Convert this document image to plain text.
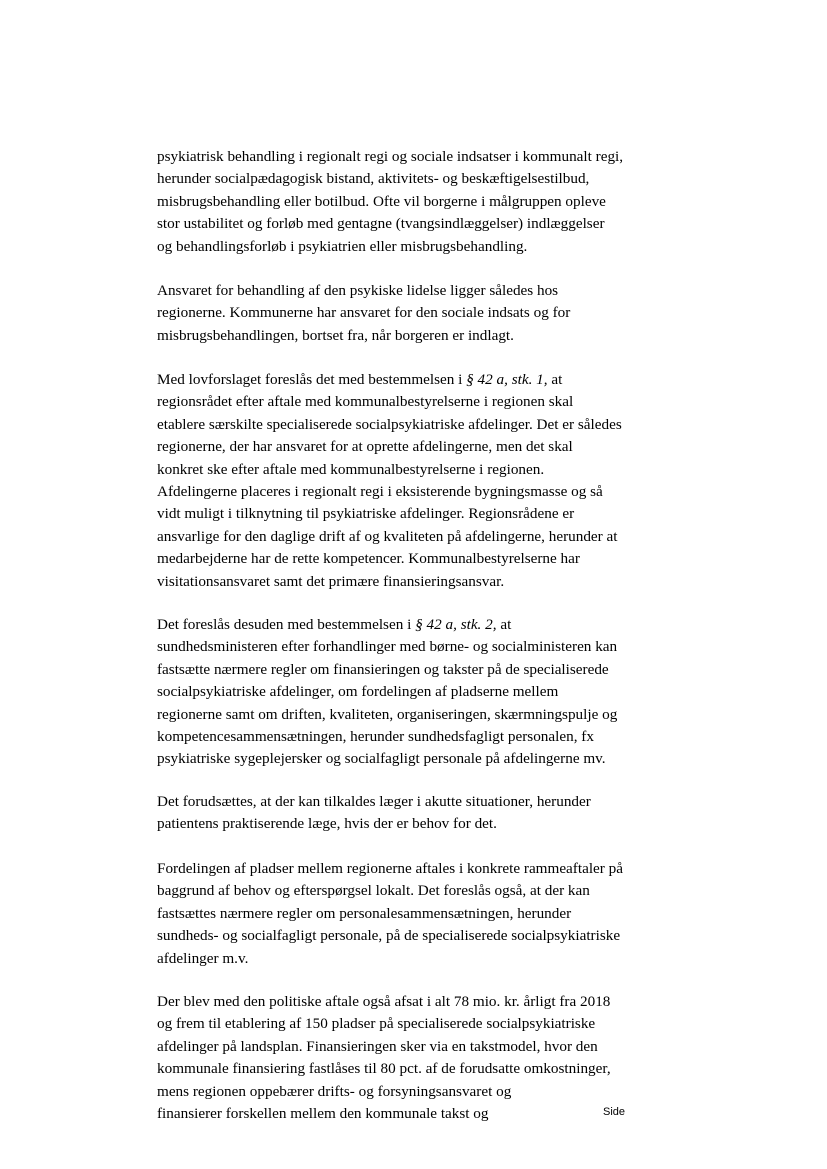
psykiatrisk behandling i regionalt regi og sociale indsatser i kommunalt regi,
herunder socialpædagogisk bistand, aktivitets- og beskæftigelsestilbud,
misbrugsbehandling eller botilbud. Ofte vil borgerne i målgruppen opleve
stor ustabilitet og forløb med gentagne (tvangsindlæggelser) indlæggelser
og behandlingsforløb i psykiatrien eller misbrugsbehandling.

Ansvaret for behandling af den psykiske lidelse ligger således hos
regionerne. Kommunerne har ansvaret for den sociale indsats og for
misbrugsbehandlingen, bortset fra, når borgeren er indlagt.

Med lovforslaget foreslås det med bestemmelsen i § 42 a, stk. 1, at
regionsrådet efter aftale med kommunalbestyrelserne i regionen skal
etablere særskilte specialiserede socialpsykiatriske afdelinger. Det er således
regionerne, der har ansvaret for at oprette afdelingerne, men det skal
konkret ske efter aftale med kommunalbestyrelserne i regionen.
Afdelingerne placeres i regionalt regi i eksisterende bygningsmasse og så
vidt muligt i tilknytning til psykiatriske afdelinger. Regionsrådene er
ansvarlige for den daglige drift af og kvaliteten på afdelingerne, herunder at
medarbejderne har de rette kompetencer. Kommunalbestyrelserne har
visitationsansvaret samt det primære finansieringsansvar.

Det foreslås desuden med bestemmelsen i § 42 a, stk. 2, at
sundhedsministeren efter forhandlinger med børne- og socialministeren kan
fastsætte nærmere regler om finansieringen og takster på de specialiserede
socialpsykiatriske afdelinger, om fordelingen af pladserne mellem
regionerne samt om driften, kvaliteten, organiseringen, skærmningspulje og
kompetencesammensætningen, herunder sundhedsfagligt personalen, fx
psykiatriske sygeplejersker og socialfagligt personale på afdelingerne mv.

Det forudsættes, at der kan tilkaldes læger i akutte situationer, herunder
patientens praktiserende læge, hvis der er behov for det.

Fordelingen af pladser mellem regionerne aftales i konkrete rammeaftaler på
baggrund af behov og efterspørgsel lokalt. Det foreslås også, at der kan
fastsættes nærmere regler om personalesammensætningen, herunder
sundheds- og socialfagligt personale, på de specialiserede socialpsykiatriske
afdelinger m.v.

Der blev med den politiske aftale også afsat i alt 78 mio. kr. årligt fra 2018
og frem til etablering af 150 pladser på specialiserede socialpsykiatriske
afdelinger på landsplan. Finansieringen sker via en takstmodel, hvor den
kommunale finansiering fastlåses til 80 pct. af de forudsatte omkostninger,
mens regionen oppebærer drifts- og forsyningsansvaret og
finansierer forskellen mellem den kommunale takst og	Side
